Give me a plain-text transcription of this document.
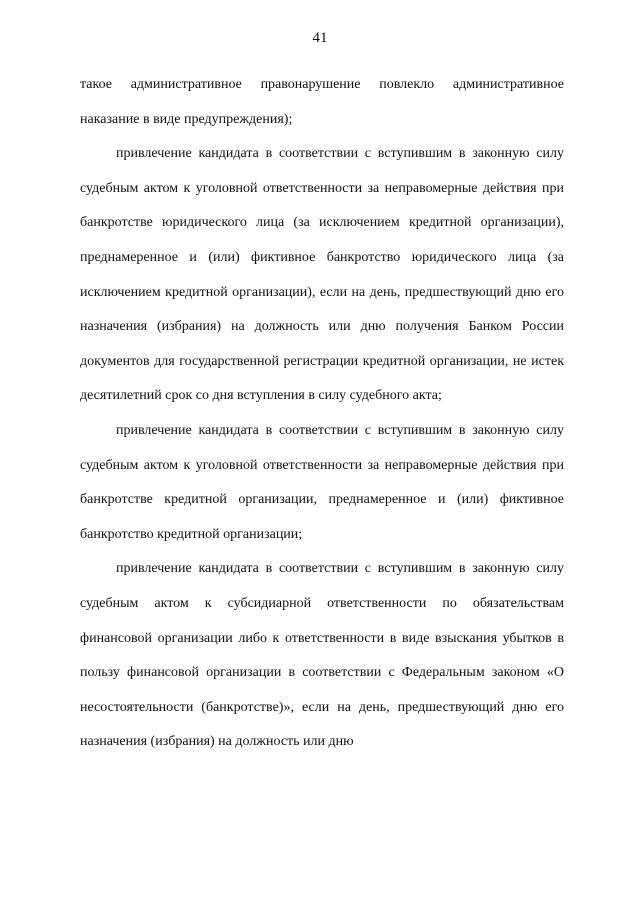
41

такое административное правонарушение повлекло административное наказание в виде предупреждения);

привлечение кандидата в соответствии с вступившим в законную силу судебным актом к уголовной ответственности за неправомерные действия при банкротстве юридического лица (за исключением кредитной организации), преднамеренное и (или) фиктивное банкротство юридического лица (за исключением кредитной организации), если на день, предшествующий дню его назначения (избрания) на должность или дню получения Банком России документов для государственной регистрации кредитной организации, не истек десятилетний срок со дня вступления в силу судебного акта;

привлечение кандидата в соответствии с вступившим в законную силу судебным актом к уголовной ответственности за неправомерные действия при банкротстве кредитной организации, преднамеренное и (или) фиктивное банкротство кредитной организации;

привлечение кандидата в соответствии с вступившим в законную силу судебным актом к субсидиарной ответственности по обязательствам финансовой организации либо к ответственности в виде взыскания убытков в пользу финансовой организации в соответствии с Федеральным законом «О несостоятельности (банкротстве)», если на день, предшествующий дню его назначения (избрания) на должность или дню
